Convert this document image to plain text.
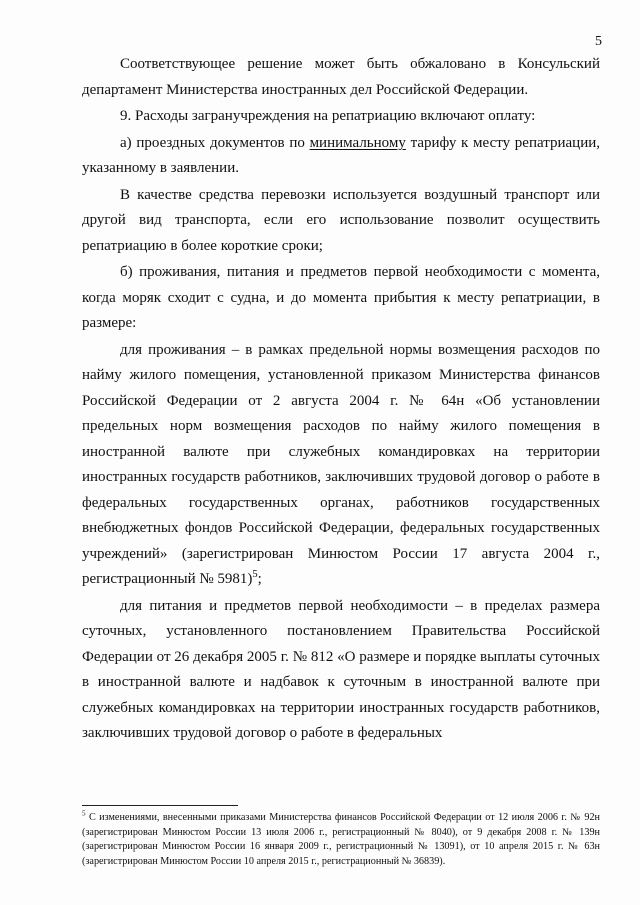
5

Соответствующее решение может быть обжаловано в Консульский департамент Министерства иностранных дел Российской Федерации.

9. Расходы загранучреждения на репатриацию включают оплату:

а) проездных документов по минимальному тарифу к месту репатриации, указанному в заявлении.

В качестве средства перевозки используется воздушный транспорт или другой вид транспорта, если его использование позволит осуществить репатриацию в более короткие сроки;

б) проживания, питания и предметов первой необходимости с момента, когда моряк сходит с судна, и до момента прибытия к месту репатриации, в размере:

для проживания – в рамках предельной нормы возмещения расходов по найму жилого помещения, установленной приказом Министерства финансов Российской Федерации от 2 августа 2004 г. № 64н «Об установлении предельных норм возмещения расходов по найму жилого помещения в иностранной валюте при служебных командировках на территории иностранных государств работников, заключивших трудовой договор о работе в федеральных государственных органах, работников государственных внебюджетных фондов Российской Федерации, федеральных государственных учреждений» (зарегистрирован Минюстом России 17 августа 2004 г., регистрационный № 5981)$^5$;

для питания и предметов первой необходимости – в пределах размера суточных, установленного постановлением Правительства Российской Федерации от 26 декабря 2005 г. № 812 «О размере и порядке выплаты суточных в иностранной валюте и надбавок к суточным в иностранной валюте при служебных командировках на территории иностранных государств работников, заключивших трудовой договор о работе в федеральных

$^5$ С изменениями, внесенными приказами Министерства финансов Российской Федерации от 12 июля 2006 г. № 92н (зарегистрирован Минюстом России 13 июля 2006 г., регистрационный № 8040), от 9 декабря 2008 г. № 139н (зарегистрирован Минюстом России 16 января 2009 г., регистрационный № 13091), от 10 апреля 2015 г. № 63н (зарегистрирован Минюстом России 10 апреля 2015 г., регистрационный № 36839).
